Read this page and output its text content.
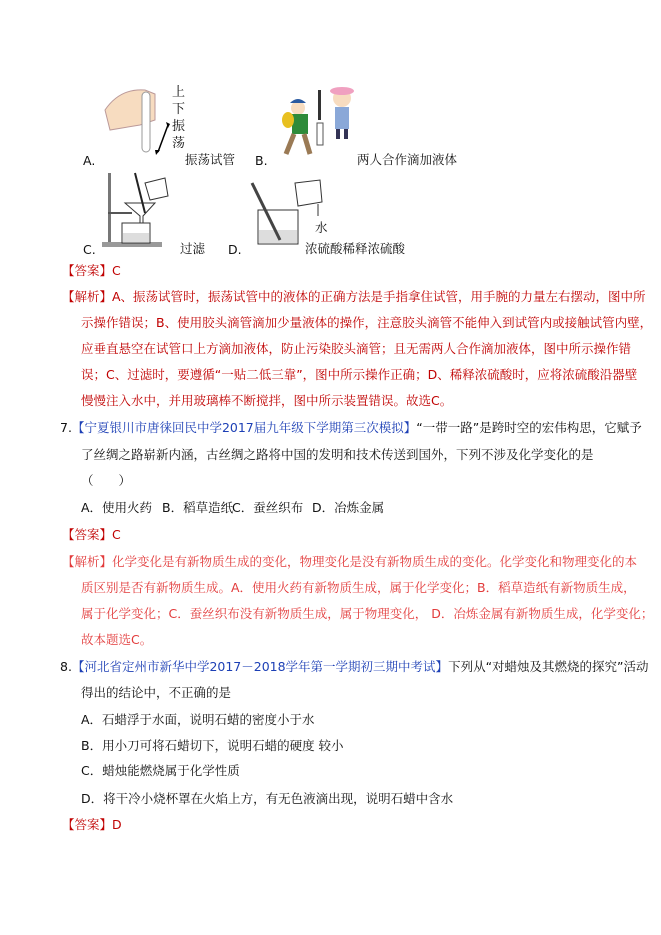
上下振荡
水
A.	振荡试管 B.	两人合作滴加液体
C.	过滤 D.	浓硫酸稀释浓硫酸
【答案】C
【解析】A、振荡试管时，振荡试管中的液体的正确方法是手指拿住试管，用手腕的力量左右摆动，图中所
示操作错误；B、使用胶头滴管滴加少量液体的操作，注意胶头滴管不能伸入到试管内或接触试管内壁，
应垂直悬空在试管口上方滴加液体，防止污染胶头滴管；且无需两人合作滴加液体，图中所示操作错
误；C、过滤时，要遵循“一贴二低三靠”，图中所示操作正确；D、稀释浓硫酸时，应将浓硫酸沿器壁
慢慢注入水中，并用玻璃棒不断搅拌，图中所示装置错误。故选C。
7.【宁夏银川市唐徕回民中学2017届九年级下学期第三次模拟】“一带一路”是跨时空的宏伟构思，它赋予
了丝绸之路崭新内涵，古丝绸之路将中国的发明和技术传送到国外，下列不涉及化学变化的是
（　　）
A．使用火药 B．稻草造纸
C．蚕丝织布 D．冶炼金属
【答案】C
【解析】化学变化是有新物质生成的变化，物理变化是没有新物质生成的变化。化学变化和物理变化的本
质区别是否有新物质生成。A．使用火药有新物质生成，属于化学变化；B．稻草造纸有新物质生成，
属于化学变化；C．蚕丝织布没有新物质生成，属于物理变化， D．冶炼金属有新物质生成，化学变化；
故本题选C。
8.【河北省定州市新华中学2017－2018学年第一学期初三期中考试】下列从“对蜡烛及其燃烧的探究”活动
得出的结论中，不正确的是
A．石蜡浮于水面，说明石蜡的密度小于水
B．用小刀可将石蜡切下，说明石蜡的硬度 较小
C．蜡烛能燃烧属于化学性质
D．将干冷小烧杯罩在火焰上方，有无色液滴出现，说明石蜡中含水
【答案】D
